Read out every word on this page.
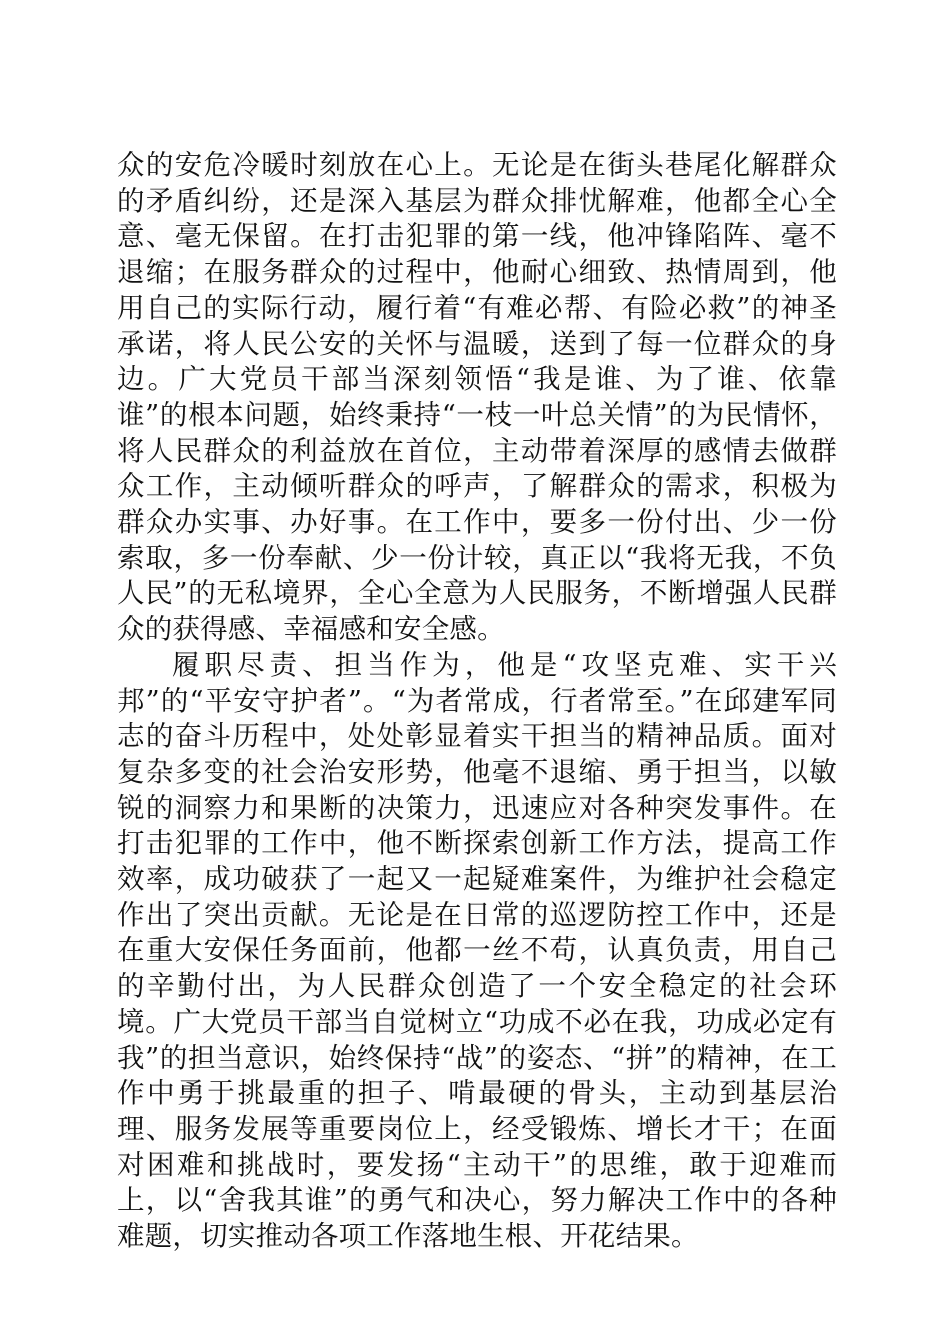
众的安危冷暖时刻放在心上。无论是在街头巷尾化解群众的矛盾纠纷，还是深入基层为群众排忧解难，他都全心全意、毫无保留。在打击犯罪的第一线，他冲锋陷阵、毫不退缩；在服务群众的过程中，他耐心细致、热情周到，他用自己的实际行动，履行着“有难必帮、有险必救”的神圣承诺，将人民公安的关怀与温暖，送到了每一位群众的身边。广大党员干部当深刻领悟“我是谁、为了谁、依靠谁”的根本问题，始终秉持“一枝一叶总关情”的为民情怀，将人民群众的利益放在首位，主动带着深厚的感情去做群众工作，主动倾听群众的呼声，了解群众的需求，积极为群众办实事、办好事。在工作中，要多一份付出、少一份索取，多一份奉献、少一份计较，真正以“我将无我，不负人民”的无私境界，全心全意为人民服务，不断增强人民群众的获得感、幸福感和安全感。

履职尽责、担当作为，他是“攻坚克难、实干兴邦”的“平安守护者”。“为者常成，行者常至。”在邱建军同志的奋斗历程中，处处彰显着实干担当的精神品质。面对复杂多变的社会治安形势，他毫不退缩、勇于担当，以敏锐的洞察力和果断的决策力，迅速应对各种突发事件。在打击犯罪的工作中，他不断探索创新工作方法，提高工作效率，成功破获了一起又一起疑难案件，为维护社会稳定作出了突出贡献。无论是在日常的巡逻防控工作中，还是在重大安保任务面前，他都一丝不苟，认真负责，用自己的辛勤付出，为人民群众创造了一个安全稳定的社会环境。广大党员干部当自觉树立“功成不必在我，功成必定有我”的担当意识，始终保持“战”的姿态、“拼”的精神，在工作中勇于挑最重的担子、啃最硬的骨头，主动到基层治理、服务发展等重要岗位上，经受锻炼、增长才干；在面对困难和挑战时，要发扬“主动干”的思维，敢于迎难而上，以“舍我其谁”的勇气和决心，努力解决工作中的各种难题，切实推动各项工作落地生根、开花结果。
